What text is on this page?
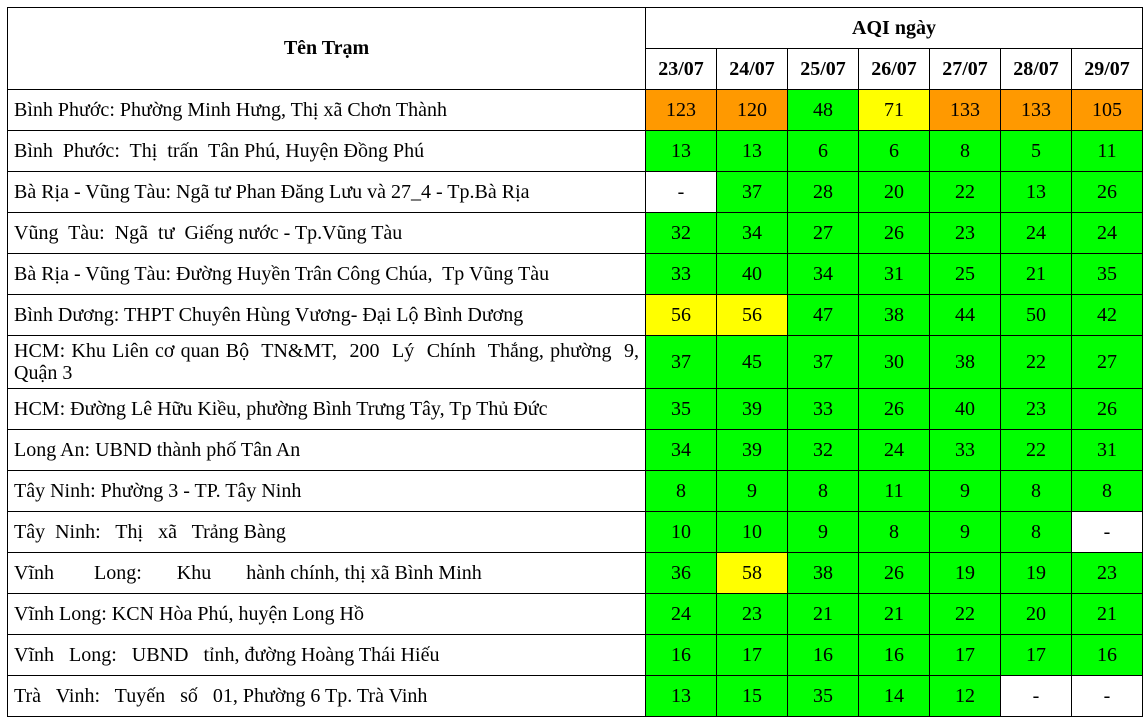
Tên Trạm	AQI ngày						
	23/07	24/07	25/07	26/07	27/07	28/07	29/07
Bình Phước: Phường Minh Hưng, Thị xã Chơn Thành	123	120	48	71	133	133	105
Bình  Phước:  Thị  trấn  Tân Phú, Huyện Đồng Phú	13	13	6	6	8	5	11
Bà Rịa - Vũng Tàu: Ngã tư Phan Đăng Lưu và 27_4 - Tp.Bà Rịa	-	37	28	20	22	13	26
Vũng  Tàu:  Ngã  tư  Giếng nước - Tp.Vũng Tàu	32	34	27	26	23	24	24
Bà Rịa - Vũng Tàu: Đường Huyền Trân Công Chúa,  Tp Vũng Tàu	33	40	34	31	25	21	35
Bình Dương: THPT Chuyên Hùng Vương- Đại Lộ Bình Dương	56	56	47	38	44	50	42
HCM: Khu Liên cơ quan Bộ  TN&MT,  200  Lý  Chính  Thắng, phường  9, Quận 3	37	45	37	30	38	22	27
HCM: Đường Lê Hữu Kiều, phường Bình Trưng Tây, Tp Thủ Đức	35	39	33	26	40	23	26
Long An: UBND thành phố Tân An	34	39	32	24	33	22	31
Tây Ninh: Phường 3 - TP. Tây Ninh	8	9	8	11	9	8	8
Tây  Ninh:   Thị   xã   Trảng Bàng	10	10	9	8	9	8	-
Vĩnh        Long:       Khu       hành chính, thị xã Bình Minh	36	58	38	26	19	19	23
Vĩnh Long: KCN Hòa Phú, huyện Long Hồ	24	23	21	21	22	20	21
Vĩnh   Long:   UBND   tỉnh, đường Hoàng Thái Hiếu	16	17	16	16	17	17	16
Trà   Vinh:   Tuyến   số   01, Phường 6 Tp. Trà Vinh	13	15	35	14	12	-	-
